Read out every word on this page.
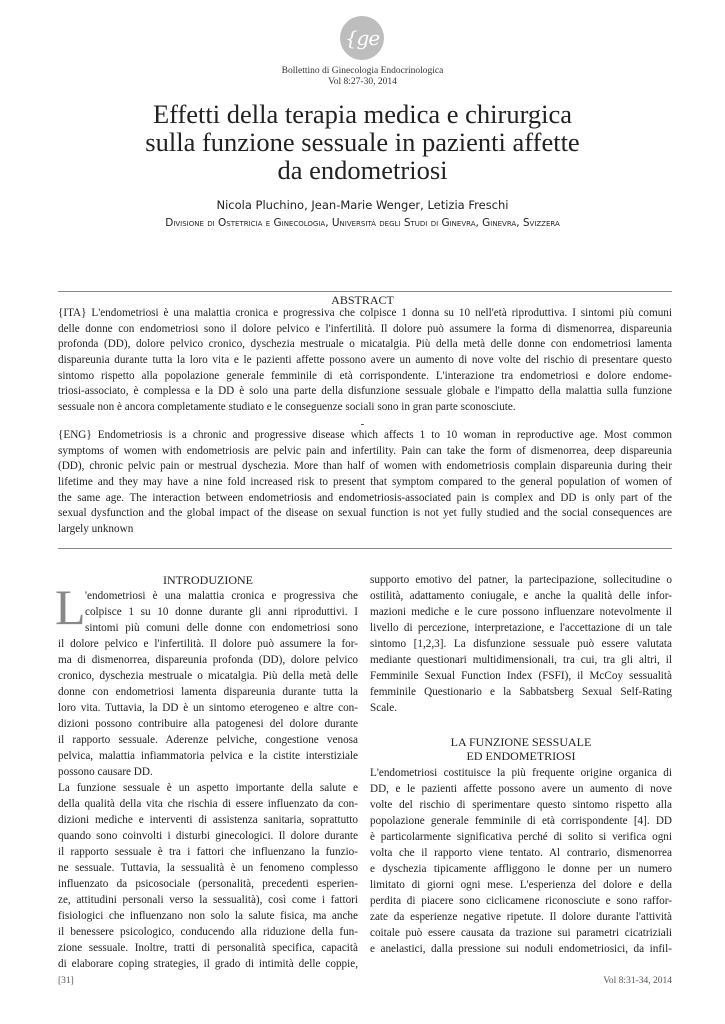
{ge
Bollettino di Ginecologia Endocrinologica
Vol 8:27-30, 2014
Effetti della terapia medica e chirurgica
sulla funzione sessuale in pazienti affette
da endometriosi
Nicola Pluchino, Jean-Marie Wenger, Letizia Freschi
Divisione di Ostetricia e Ginecologia, Università degli Studi di Ginevra, Ginevra, Svizzera
ABSTRACT
{ITA} L'endometriosi è una malattia cronica e progressiva che colpisce 1 donna su 10 nell'età riproduttiva. I sintomi più comuni
delle donne con endometriosi sono il dolore pelvico e l'infertilità. Il dolore può assumere la forma di dismenorrea, dispareunia
profonda (DD), dolore pelvico cronico, dyschezia mestruale o micatalgia. Più della metà delle donne con endometriosi lamenta
dispareunia durante tutta la loro vita e le pazienti affette possono avere un aumento di nove volte del rischio di presentare questo
sintomo rispetto alla popolazione generale femminile di età corrispondente. L'interazione tra endometriosi e dolore endome-
triosi-associato, è complessa e la DD è solo una parte della disfunzione sessuale globale e l'impatto della malattia sulla funzione
sessuale non è ancora completamente studiato e le conseguenze sociali sono in gran parte sconosciute.
-
{ENG} Endometriosis is a chronic and progressive disease which affects 1 to 10 woman in reproductive age. Most common
symptoms of women with endometriosis are pelvic pain and infertility. Pain can take the form of dismenorrea, deep dispareunia
(DD), chronic pelvic pain or mestrual dyschezia. More than half of women with endometriosis complain dispareunia during their
lifetime and they may have a nine fold increased risk to present that symptom compared to the general population of women of
the same age. The interaction between endometriosis and endometriosis-associated pain is complex and DD is only part of the
sexual dysfunction and the global impact of the disease on sexual function is not yet fully studied and the social consequences are
largely unknown
INTRODUZIONE
L 'endometriosi è una malattia cronica e progressiva che
colpisce 1 su 10 donne durante gli anni riproduttivi. I
sintomi più comuni delle donne con endometriosi sono
il dolore pelvico e l'infertilità. Il dolore può assumere la for-
ma di dismenorrea, dispareunia profonda (DD), dolore pelvico
cronico, dyschezia mestruale o micatalgia. Più della metà delle
donne con endometriosi lamenta dispareunia durante tutta la
loro vita. Tuttavia, la DD è un sintomo eterogeneo e altre con-
dizioni possono contribuire alla patogenesi del dolore durante
il rapporto sessuale. Aderenze pelviche, congestione venosa
pelvica, malattia infiammatoria pelvica e la cistite interstiziale
possono causare DD.
La funzione sessuale è un aspetto importante della salute e
della qualità della vita che rischia di essere influenzato da con-
dizioni mediche e interventi di assistenza sanitaria, soprattutto
quando sono coinvolti i disturbi ginecologici. Il dolore durante
il rapporto sessuale è tra i fattori che influenzano la funzio-
ne sessuale. Tuttavia, la sessualità è un fenomeno complesso
influenzato da psicosociale (personalità, precedenti esperien-
ze, attitudini personali verso la sessualità), così come i fattori
fisiologici che influenzano non solo la salute fisica, ma anche
il benessere psicologico, conducendo alla riduzione della fun-
zione sessuale. Inoltre, tratti di personalità specifica, capacità
di elaborare coping strategies, il grado di intimità delle coppie,
supporto emotivo del patner, la partecipazione, sollecitudine o
ostilità, adattamento coniugale, e anche la qualità delle infor-
mazioni mediche e le cure possono influenzare notevolmente il
livello di percezione, interpretazione, e l'accettazione di un tale
sintomo [1,2,3]. La disfunzione sessuale può essere valutata
mediante questionari multidimensionali, tra cui, tra gli altri, il
Femminile Sexual Function Index (FSFI), il McCoy sessualità
femminile Questionario e la Sabbatsberg Sexual Self-Rating
Scale.
LA FUNZIONE SESSUALE
ED ENDOMETRIOSI
L'endometriosi costituisce la più frequente origine organica di
DD, e le pazienti affette possono avere un aumento di nove
volte del rischio di sperimentare questo sintomo rispetto alla
popolazione generale femminile di età corrispondente [4]. DD
è particolarmente significativa perché di solito si verifica ogni
volta che il rapporto viene tentato. Al contrario, dismenorrea
e dyschezia tipicamente affliggono le donne per un numero
limitato di giorni ogni mese. L'esperienza del dolore e della
perdita di piacere sono ciclicamene riconosciute e sono raffor-
zate da esperienze negative ripetute. Il dolore durante l'attività
coitale può essere causata da trazione sui parametri cicatriziali
e anelastici, dalla pressione sui noduli endometriosici, da infil-
[31]	Vol 8:31-34, 2014
